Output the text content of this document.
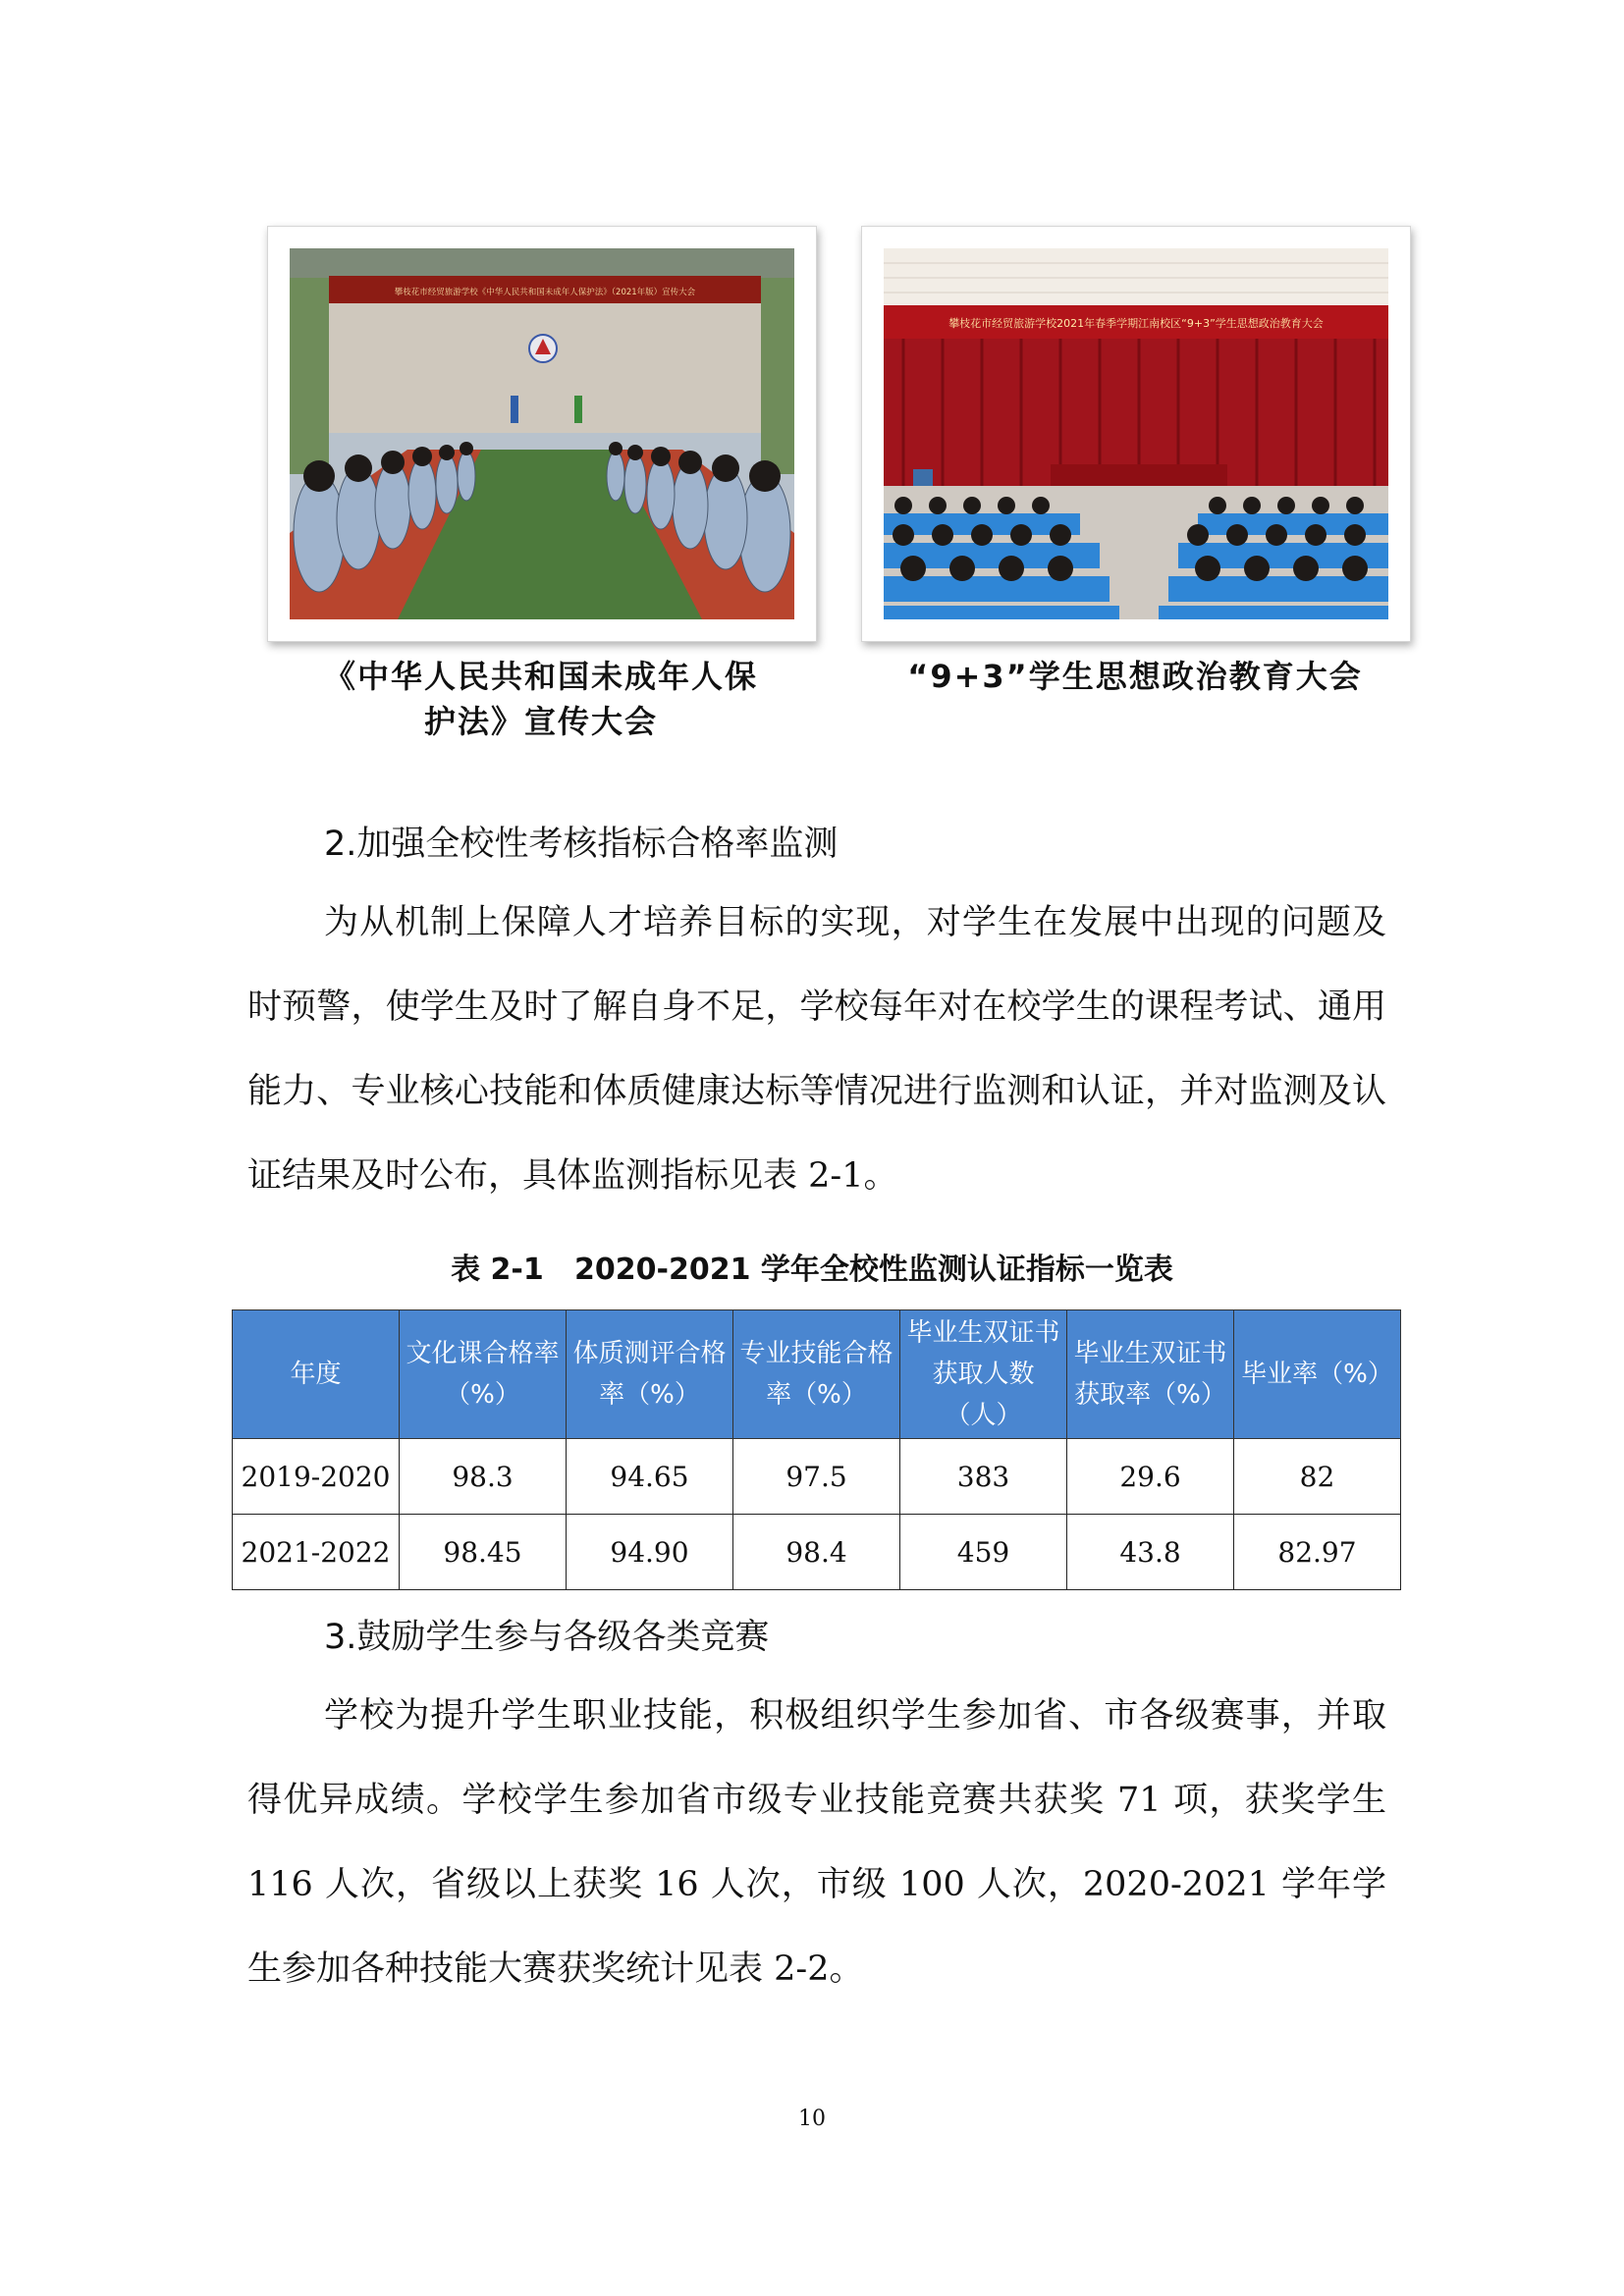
攀枝花市经贸旅游学校《中华人民共和国未成年人保护法》（2021年版）宣传大会
攀枝花市经贸旅游学校2021年春季学期江南校区“9+3”学生思想政治教育大会
《中华人民共和国未成年人保
护法》宣传大会
“9+3”学生思想政治教育大会
2.加强全校性考核指标合格率监测

为从机制上保障人才培养目标的实现，对学生在发展中出现的问题及时预警，使学生及时了解自身不足，学校每年对在校学生的课程考试、通用能力、专业核心技能和体质健康达标等情况进行监测和认证，并对监测及认证结果及时公布，具体监测指标见表 2-1。

表 2-1   2020-2021 学年全校性监测认证指标一览表
年度	文化课合格率（%）	体质测评合格率（%）	专业技能合格率（%）	毕业生双证书获取人数（人）	毕业生双证书获取率（%）	毕业率（%）
2019-2020	98.3	94.65	97.5	383	29.6	82
2021-2022	98.45	94.90	98.4	459	43.8	82.97
3.鼓励学生参与各级各类竞赛

学校为提升学生职业技能，积极组织学生参加省、市各级赛事，并取得优异成绩。学校学生参加省市级专业技能竞赛共获奖 71 项，获奖学生 116 人次，省级以上获奖 16 人次，市级 100 人次，2020-2021 学年学生参加各种技能大赛获奖统计见表 2-2。

10
